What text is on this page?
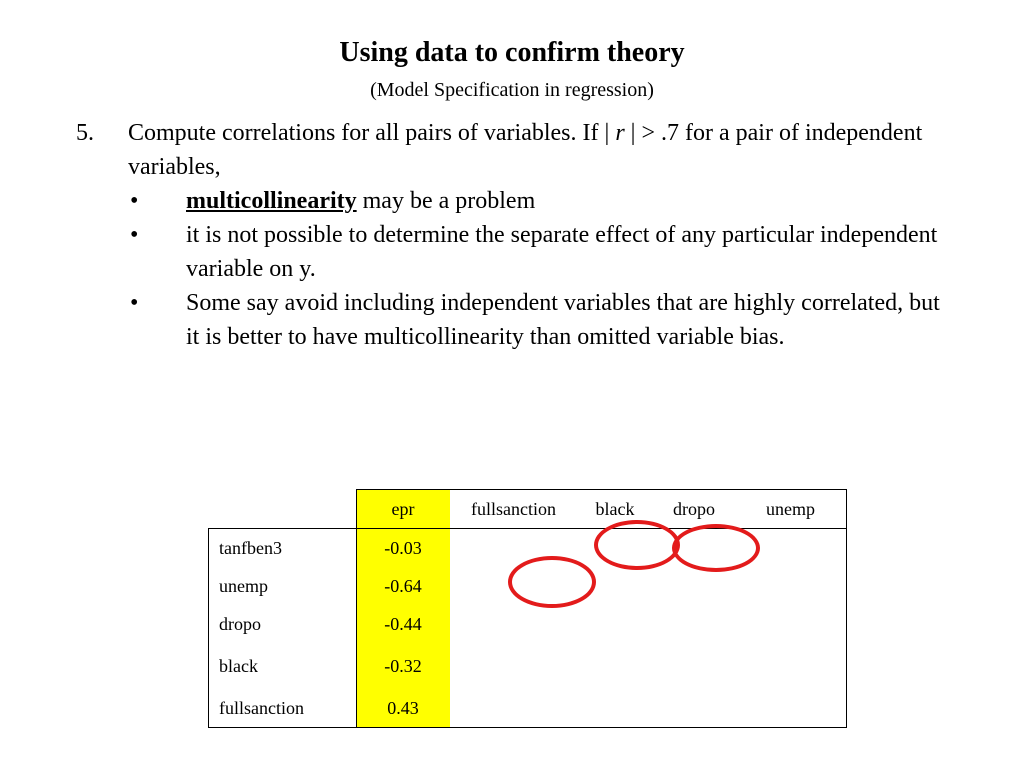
Using data to confirm theory
(Model Specification in regression)
5. Compute correlations for all pairs of variables. If | r | > .7 for a pair of independent variables,
• multicollinearity may be a problem
• it is not possible to determine the separate effect of any particular independent variable on y.
• Some say avoid including independent variables that are highly correlated, but it is better to have multicollinearity than omitted variable bias.
	epr	fullsanction	black	dropo	unemp
tanfben3	-0.03				
unemp	-0.64				
dropo	-0.44				
black	-0.32				
fullsanction	0.43				
